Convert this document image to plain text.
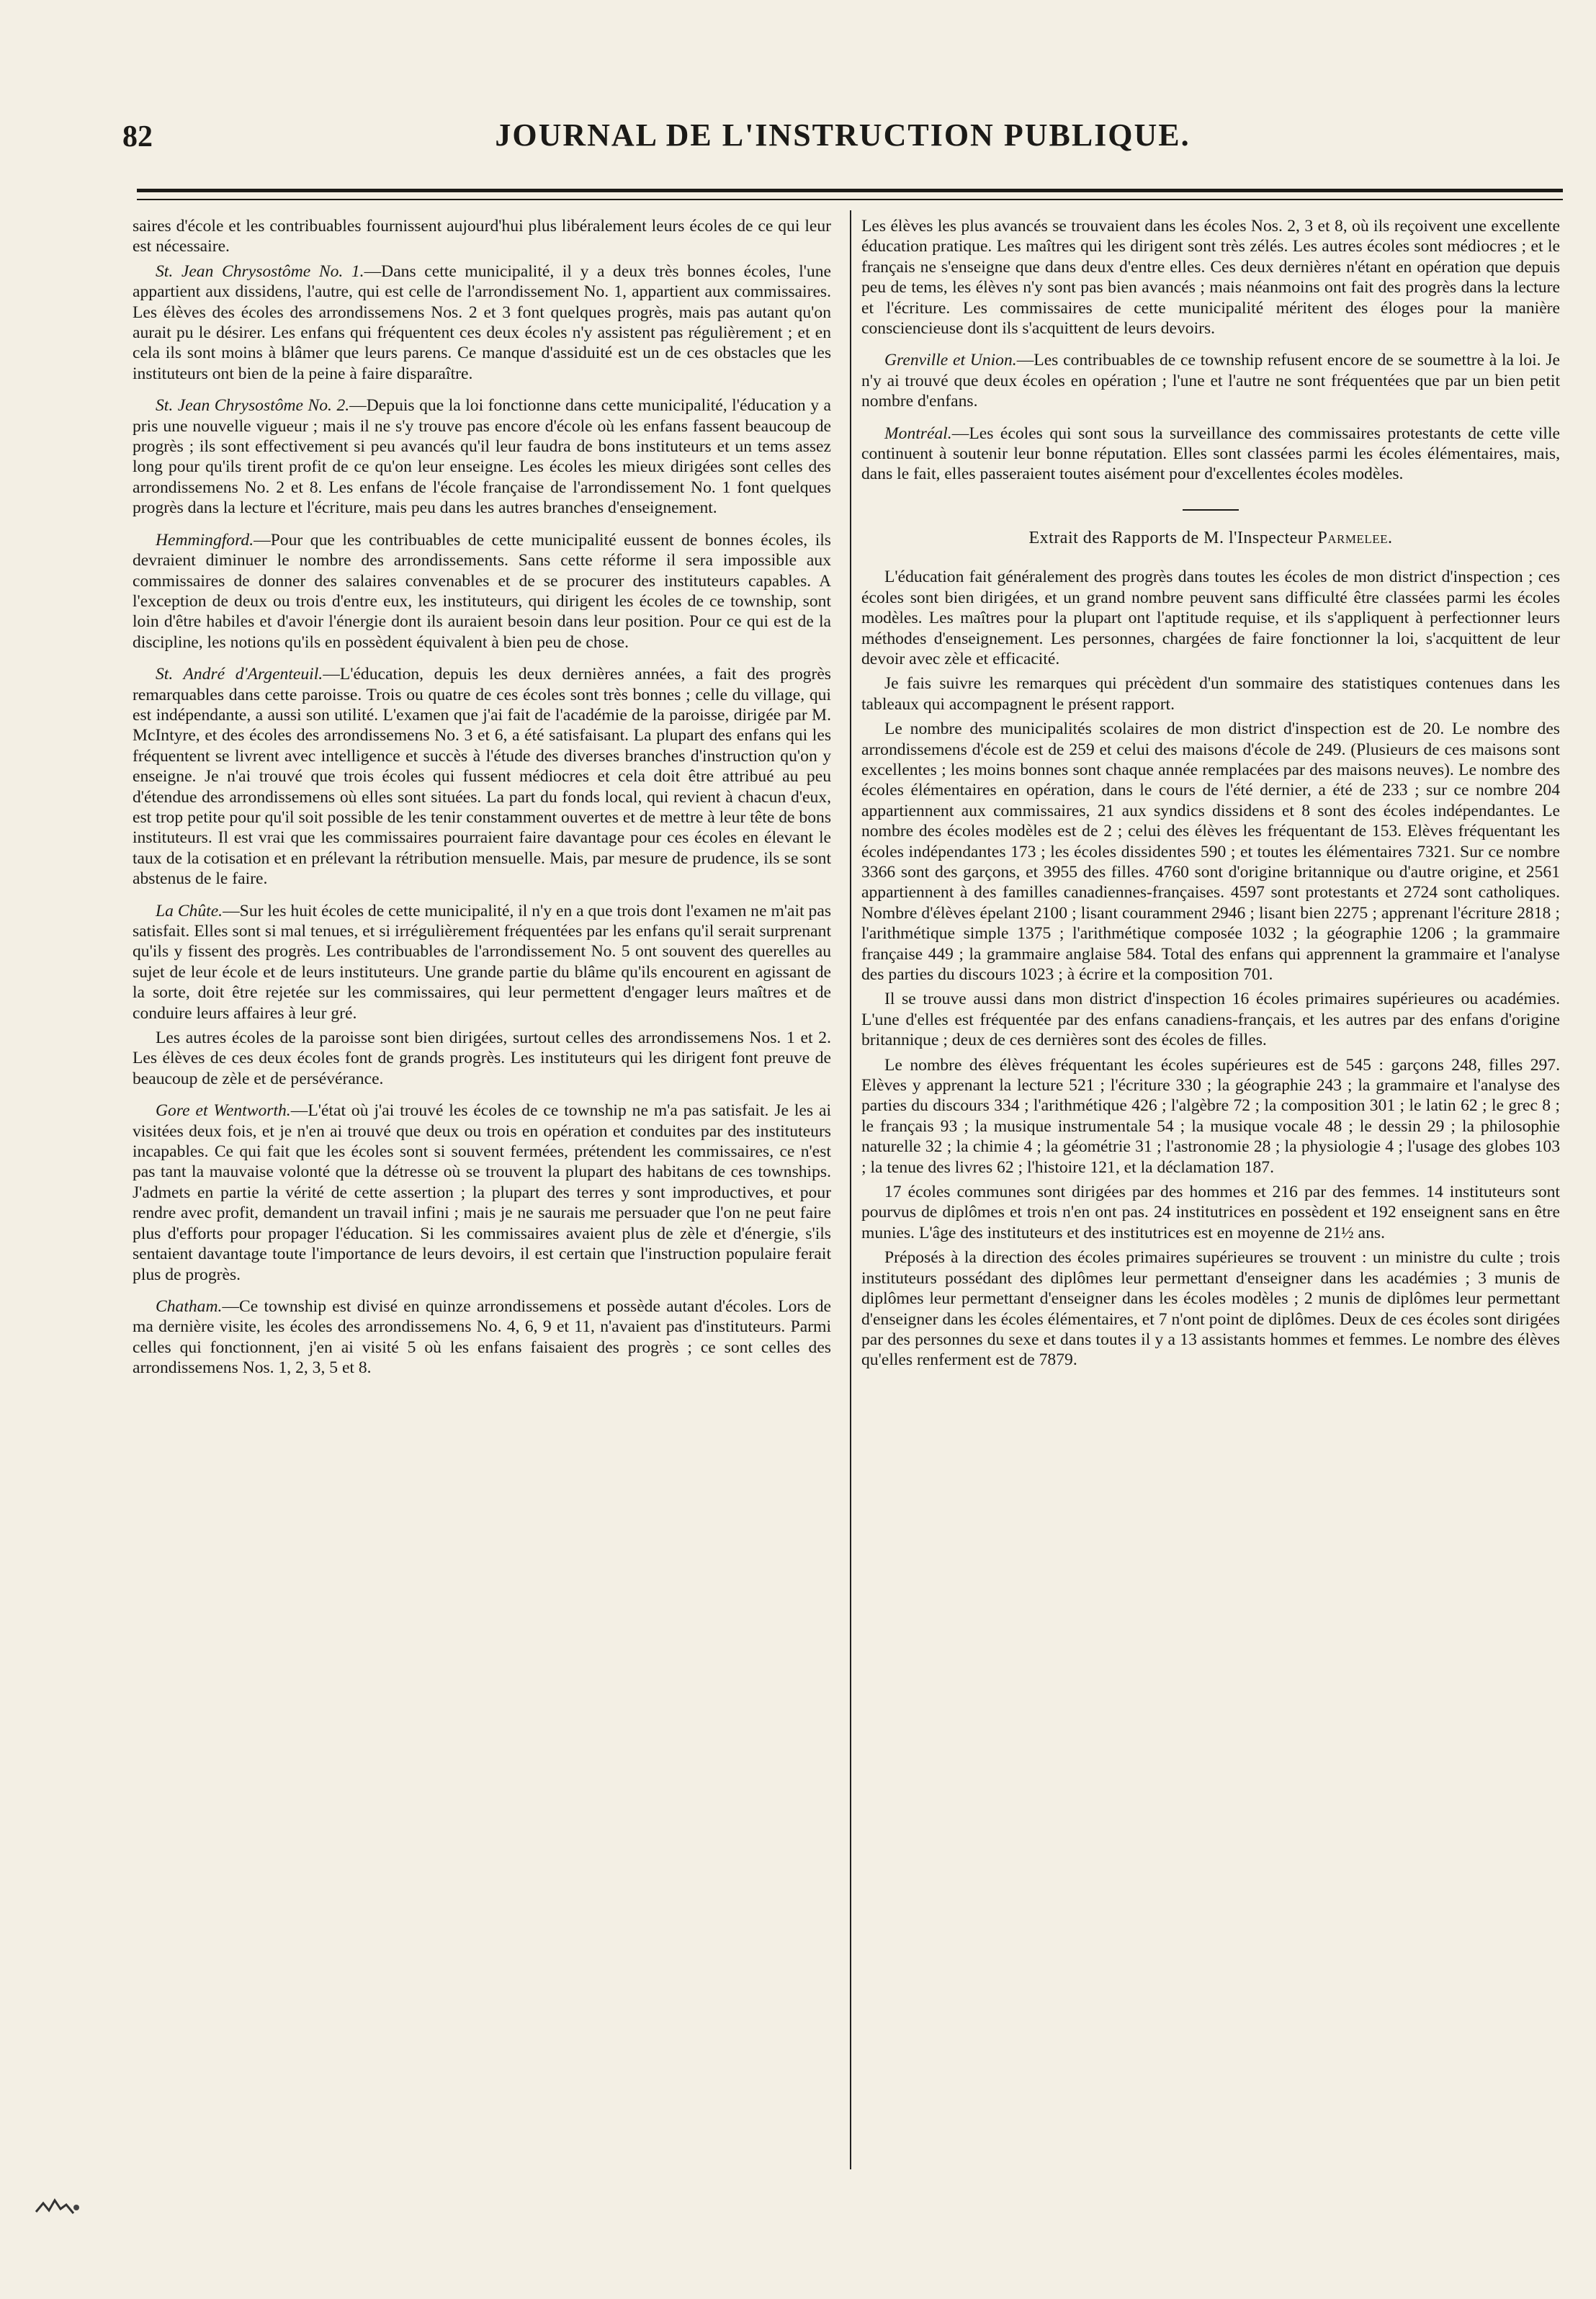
82	JOURNAL DE L'INSTRUCTION PUBLIQUE.

saires d'école et les contribuables fournissent aujourd'hui plus libéralement leurs écoles de ce qui leur est nécessaire.

St. Jean Chrysostôme No. 1.—Dans cette municipalité, il y a deux très bonnes écoles, l'une appartient aux dissidens, l'autre, qui est celle de l'arrondissement No. 1, appartient aux commissaires. Les élèves des écoles des arrondissemens Nos. 2 et 3 font quelques progrès, mais pas autant qu'on aurait pu le désirer. Les enfans qui fréquentent ces deux écoles n'y assistent pas régulièrement ; et en cela ils sont moins à blâmer que leurs parens. Ce manque d'assiduité est un de ces obstacles que les instituteurs ont bien de la peine à faire disparaître.

St. Jean Chrysostôme No. 2.—Depuis que la loi fonctionne dans cette municipalité, l'éducation y a pris une nouvelle vigueur ; mais il ne s'y trouve pas encore d'école où les enfans fassent beaucoup de progrès ; ils sont effectivement si peu avancés qu'il leur faudra de bons instituteurs et un tems assez long pour qu'ils tirent profit de ce qu'on leur enseigne. Les écoles les mieux dirigées sont celles des arrondissemens No. 2 et 8. Les enfans de l'école française de l'arrondissement No. 1 font quelques progrès dans la lecture et l'écriture, mais peu dans les autres branches d'enseignement.

Hemmingford.—Pour que les contribuables de cette municipalité eussent de bonnes écoles, ils devraient diminuer le nombre des arrondissements. Sans cette réforme il sera impossible aux commissaires de donner des salaires convenables et de se procurer des instituteurs capables. A l'exception de deux ou trois d'entre eux, les instituteurs, qui dirigent les écoles de ce township, sont loin d'être habiles et d'avoir l'énergie dont ils auraient besoin dans leur position. Pour ce qui est de la discipline, les notions qu'ils en possèdent équivalent à bien peu de chose.

St. André d'Argenteuil.—L'éducation, depuis les deux dernières années, a fait des progrès remarquables dans cette paroisse. Trois ou quatre de ces écoles sont très bonnes ; celle du village, qui est indépendante, a aussi son utilité. L'examen que j'ai fait de l'académie de la paroisse, dirigée par M. McIntyre, et des écoles des arrondissemens No. 3 et 6, a été satisfaisant. La plupart des enfans qui les fréquentent se livrent avec intelligence et succès à l'étude des diverses branches d'instruction qu'on y enseigne. Je n'ai trouvé que trois écoles qui fussent médiocres et cela doit être attribué au peu d'étendue des arrondissemens où elles sont situées. La part du fonds local, qui revient à chacun d'eux, est trop petite pour qu'il soit possible de les tenir constamment ouvertes et de mettre à leur tête de bons instituteurs. Il est vrai que les commissaires pourraient faire davantage pour ces écoles en élevant le taux de la cotisation et en prélevant la rétribution mensuelle. Mais, par mesure de prudence, ils se sont abstenus de le faire.

La Chûte.—Sur les huit écoles de cette municipalité, il n'y en a que trois dont l'examen ne m'ait pas satisfait. Elles sont si mal tenues, et si irrégulièrement fréquentées par les enfans qu'il serait surprenant qu'ils y fissent des progrès. Les contribuables de l'arrondissement No. 5 ont souvent des querelles au sujet de leur école et de leurs instituteurs. Une grande partie du blâme qu'ils encourent en agissant de la sorte, doit être rejetée sur les commissaires, qui leur permettent d'engager leurs maîtres et de conduire leurs affaires à leur gré.

Les autres écoles de la paroisse sont bien dirigées, surtout celles des arrondissemens Nos. 1 et 2. Les élèves de ces deux écoles font de grands progrès. Les instituteurs qui les dirigent font preuve de beaucoup de zèle et de persévérance.

Gore et Wentworth.—L'état où j'ai trouvé les écoles de ce township ne m'a pas satisfait. Je les ai visitées deux fois, et je n'en ai trouvé que deux ou trois en opération et conduites par des instituteurs incapables. Ce qui fait que les écoles sont si souvent fermées, prétendent les commissaires, ce n'est pas tant la mauvaise volonté que la détresse où se trouvent la plupart des habitans de ces townships. J'admets en partie la vérité de cette assertion ; la plupart des terres y sont improductives, et pour rendre avec profit, demandent un travail infini ; mais je ne saurais me persuader que l'on ne peut faire plus d'efforts pour propager l'éducation. Si les commissaires avaient plus de zèle et d'énergie, s'ils sentaient davantage toute l'importance de leurs devoirs, il est certain que l'instruction populaire ferait plus de progrès.

Chatham.—Ce township est divisé en quinze arrondissemens et possède autant d'écoles. Lors de ma dernière visite, les écoles des arrondissemens No. 4, 6, 9 et 11, n'avaient pas d'instituteurs. Parmi celles qui fonctionnent, j'en ai visité 5 où les enfans faisaient des progrès ; ce sont celles des arrondissemens Nos. 1, 2, 3, 5 et 8.

Les élèves les plus avancés se trouvaient dans les écoles Nos. 2, 3 et 8, où ils reçoivent une excellente éducation pratique. Les maîtres qui les dirigent sont très zélés. Les autres écoles sont médiocres ; et le français ne s'enseigne que dans deux d'entre elles. Ces deux dernières n'étant en opération que depuis peu de tems, les élèves n'y sont pas bien avancés ; mais néanmoins ont fait des progrès dans la lecture et l'écriture. Les commissaires de cette municipalité méritent des éloges pour la manière consciencieuse dont ils s'acquittent de leurs devoirs.

Grenville et Union.—Les contribuables de ce township refusent encore de se soumettre à la loi. Je n'y ai trouvé que deux écoles en opération ; l'une et l'autre ne sont fréquentées que par un bien petit nombre d'enfans.

Montréal.—Les écoles qui sont sous la surveillance des commissaires protestants de cette ville continuent à soutenir leur bonne réputation. Elles sont classées parmi les écoles élémentaires, mais, dans le fait, elles passeraient toutes aisément pour d'excellentes écoles modèles.

Extrait des Rapports de M. l'Inspecteur Parmelee.

L'éducation fait généralement des progrès dans toutes les écoles de mon district d'inspection ; ces écoles sont bien dirigées, et un grand nombre peuvent sans difficulté être classées parmi les écoles modèles. Les maîtres pour la plupart ont l'aptitude requise, et ils s'appliquent à perfectionner leurs méthodes d'enseignement. Les personnes, chargées de faire fonctionner la loi, s'acquittent de leur devoir avec zèle et efficacité.

Je fais suivre les remarques qui précèdent d'un sommaire des statistiques contenues dans les tableaux qui accompagnent le présent rapport.

Le nombre des municipalités scolaires de mon district d'inspection est de 20. Le nombre des arrondissemens d'école est de 259 et celui des maisons d'école de 249. (Plusieurs de ces maisons sont excellentes ; les moins bonnes sont chaque année remplacées par des maisons neuves). Le nombre des écoles élémentaires en opération, dans le cours de l'été dernier, a été de 233 ; sur ce nombre 204 appartiennent aux commissaires, 21 aux syndics dissidens et 8 sont des écoles indépendantes. Le nombre des écoles modèles est de 2 ; celui des élèves les fréquentant de 153. Elèves fréquentant les écoles indépendantes 173 ; les écoles dissidentes 590 ; et toutes les élémentaires 7321. Sur ce nombre 3366 sont des garçons, et 3955 des filles. 4760 sont d'origine britannique ou d'autre origine, et 2561 appartiennent à des familles canadiennes-françaises. 4597 sont protestants et 2724 sont catholiques. Nombre d'élèves épelant 2100 ; lisant couramment 2946 ; lisant bien 2275 ; apprenant l'écriture 2818 ; l'arithmétique simple 1375 ; l'arithmétique composée 1032 ; la géographie 1206 ; la grammaire française 449 ; la grammaire anglaise 584. Total des enfans qui apprennent la grammaire et l'analyse des parties du discours 1023 ; à écrire et la composition 701.

Il se trouve aussi dans mon district d'inspection 16 écoles primaires supérieures ou académies. L'une d'elles est fréquentée par des enfans canadiens-français, et les autres par des enfans d'origine britannique ; deux de ces dernières sont des écoles de filles.

Le nombre des élèves fréquentant les écoles supérieures est de 545 : garçons 248, filles 297. Elèves y apprenant la lecture 521 ; l'écriture 330 ; la géographie 243 ; la grammaire et l'analyse des parties du discours 334 ; l'arithmétique 426 ; l'algèbre 72 ; la composition 301 ; le latin 62 ; le grec 8 ; le français 93 ; la musique instrumentale 54 ; la musique vocale 48 ; le dessin 29 ; la philosophie naturelle 32 ; la chimie 4 ; la géométrie 31 ; l'astronomie 28 ; la physiologie 4 ; l'usage des globes 103 ; la tenue des livres 62 ; l'histoire 121, et la déclamation 187.

17 écoles communes sont dirigées par des hommes et 216 par des femmes. 14 instituteurs sont pourvus de diplômes et trois n'en ont pas. 24 institutrices en possèdent et 192 enseignent sans en être munies. L'âge des instituteurs et des institutrices est en moyenne de 21½ ans.

Préposés à la direction des écoles primaires supérieures se trouvent : un ministre du culte ; trois instituteurs possédant des diplômes leur permettant d'enseigner dans les académies ; 3 munis de diplômes leur permettant d'enseigner dans les écoles modèles ; 2 munis de diplômes leur permettant d'enseigner dans les écoles élémentaires, et 7 n'ont point de diplômes. Deux de ces écoles sont dirigées par des personnes du sexe et dans toutes il y a 13 assistants hommes et femmes. Le nombre des élèves qu'elles renferment est de 7879.
